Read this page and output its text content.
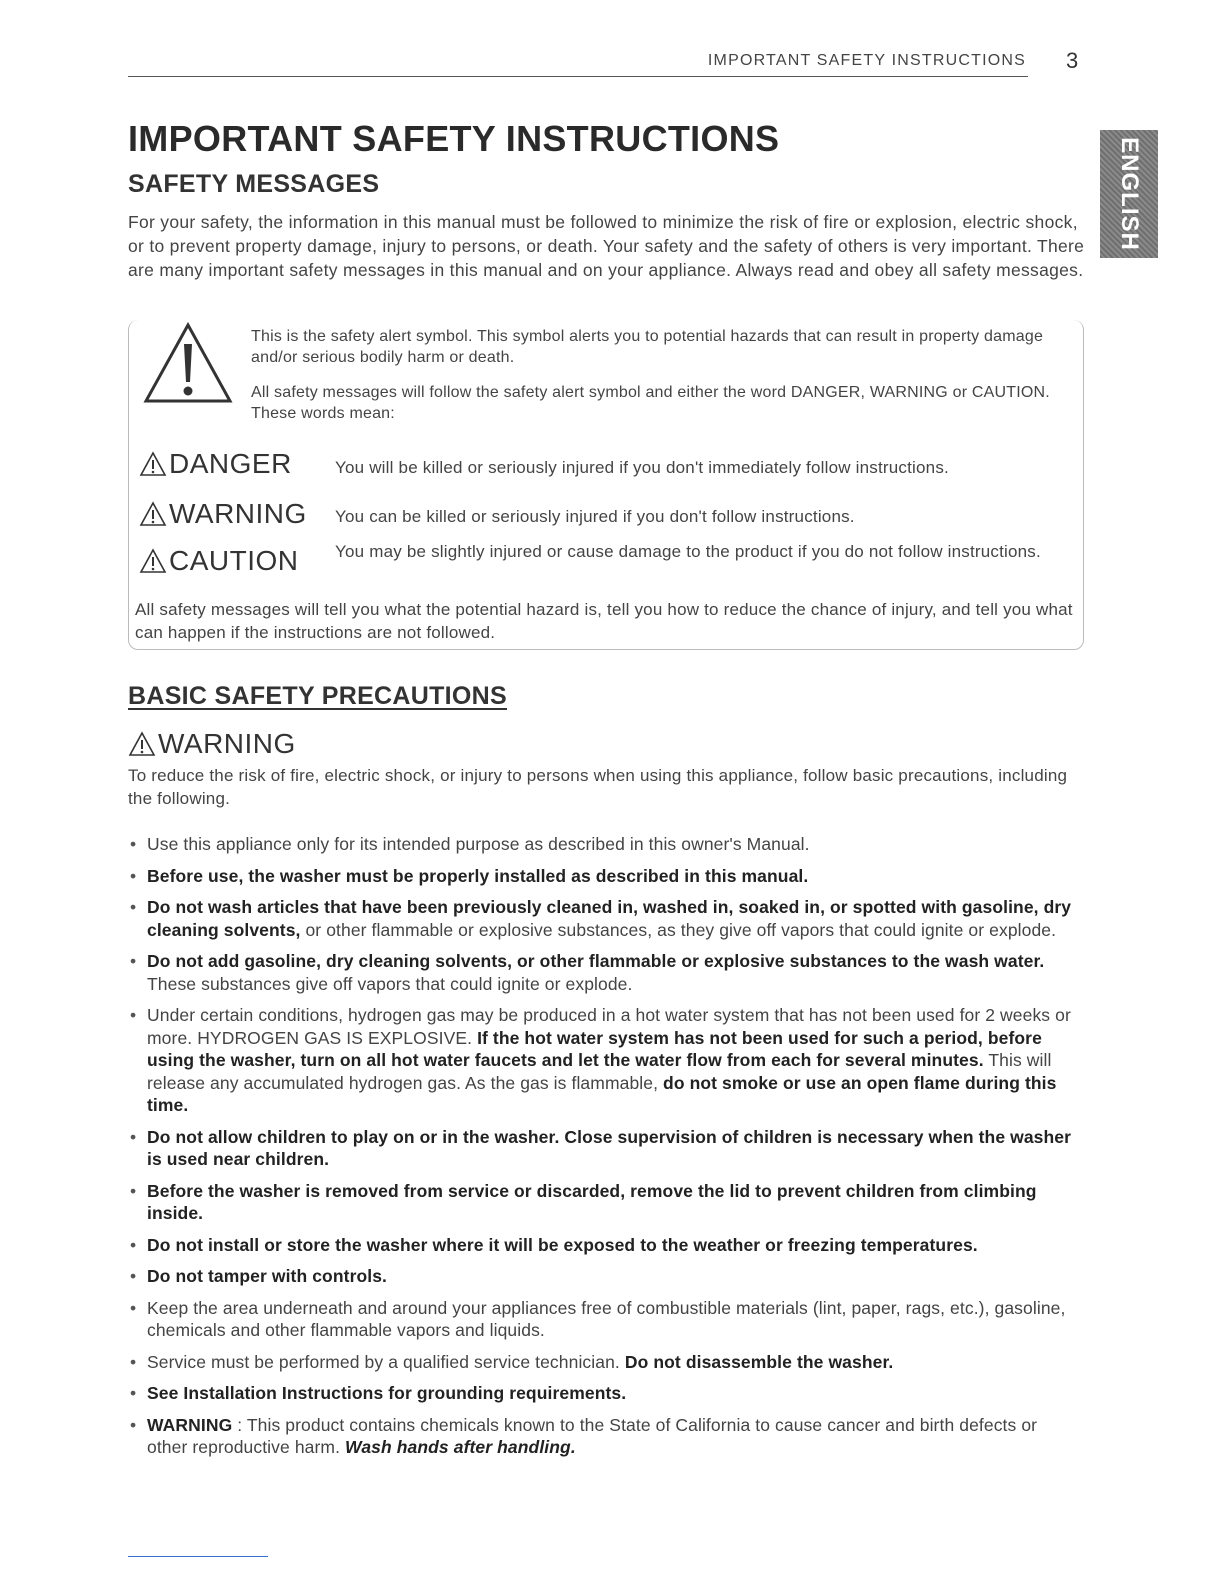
IMPORTANT SAFETY INSTRUCTIONS 3
ENGLISH
IMPORTANT SAFETY INSTRUCTIONS
SAFETY MESSAGES

For your safety, the information in this manual must be followed to minimize the risk of fire or explosion, electric shock, or to prevent property damage, injury to persons, or death. Your safety and the safety of others is very important. There are many important safety messages in this manual and on your appliance. Always read and obey all safety messages.

This is the safety alert symbol. This symbol alerts you to potential hazards that can result in property damage and/or serious bodily harm or death.

All safety messages will follow the safety alert symbol and either the word DANGER, WARNING or CAUTION. These words mean:

DANGER	You will be killed or seriously injured if you don't immediately follow instructions.
WARNING You can be killed or seriously injured if you don't follow instructions.
CAUTION You may be slightly injured or cause damage to the product if you do not follow instructions.

All safety messages will tell you what the potential hazard is, tell you how to reduce the chance of injury, and tell you what can happen if the instructions are not followed.

BASIC SAFETY PRECAUTIONS
WARNING

To reduce the risk of fire, electric shock, or injury to persons when using this appliance, follow basic precautions, including the following.

• Use this appliance only for its intended purpose as described in this owner's Manual.
• Before use, the washer must be properly installed as described in this manual.
• Do not wash articles that have been previously cleaned in, washed in, soaked in, or spotted with gasoline, dry cleaning solvents, or other flammable or explosive substances, as they give off vapors that could ignite or explode.
• Do not add gasoline, dry cleaning solvents, or other flammable or explosive substances to the wash water. These substances give off vapors that could ignite or explode.
• Under certain conditions, hydrogen gas may be produced in a hot water system that has not been used for 2 weeks or more. HYDROGEN GAS IS EXPLOSIVE. If the hot water system has not been used for such a period, before using the washer, turn on all hot water faucets and let the water flow from each for several minutes. This will release any accumulated hydrogen gas. As the gas is flammable, do not smoke or use an open flame during this time.
• Do not allow children to play on or in the washer. Close supervision of children is necessary when the washer is used near children.
• Before the washer is removed from service or discarded, remove the lid to prevent children from climbing inside.
• Do not install or store the washer where it will be exposed to the weather or freezing temperatures.
• Do not tamper with controls.
• Keep the area underneath and around your appliances free of combustible materials (lint, paper, rags, etc.), gasoline, chemicals and other flammable vapors and liquids.
• Service must be performed by a qualified service technician. Do not disassemble the washer.
• See Installation Instructions for grounding requirements.
• WARNING : This product contains chemicals known to the State of California to cause cancer and birth defects or other reproductive harm. Wash hands after handling.
